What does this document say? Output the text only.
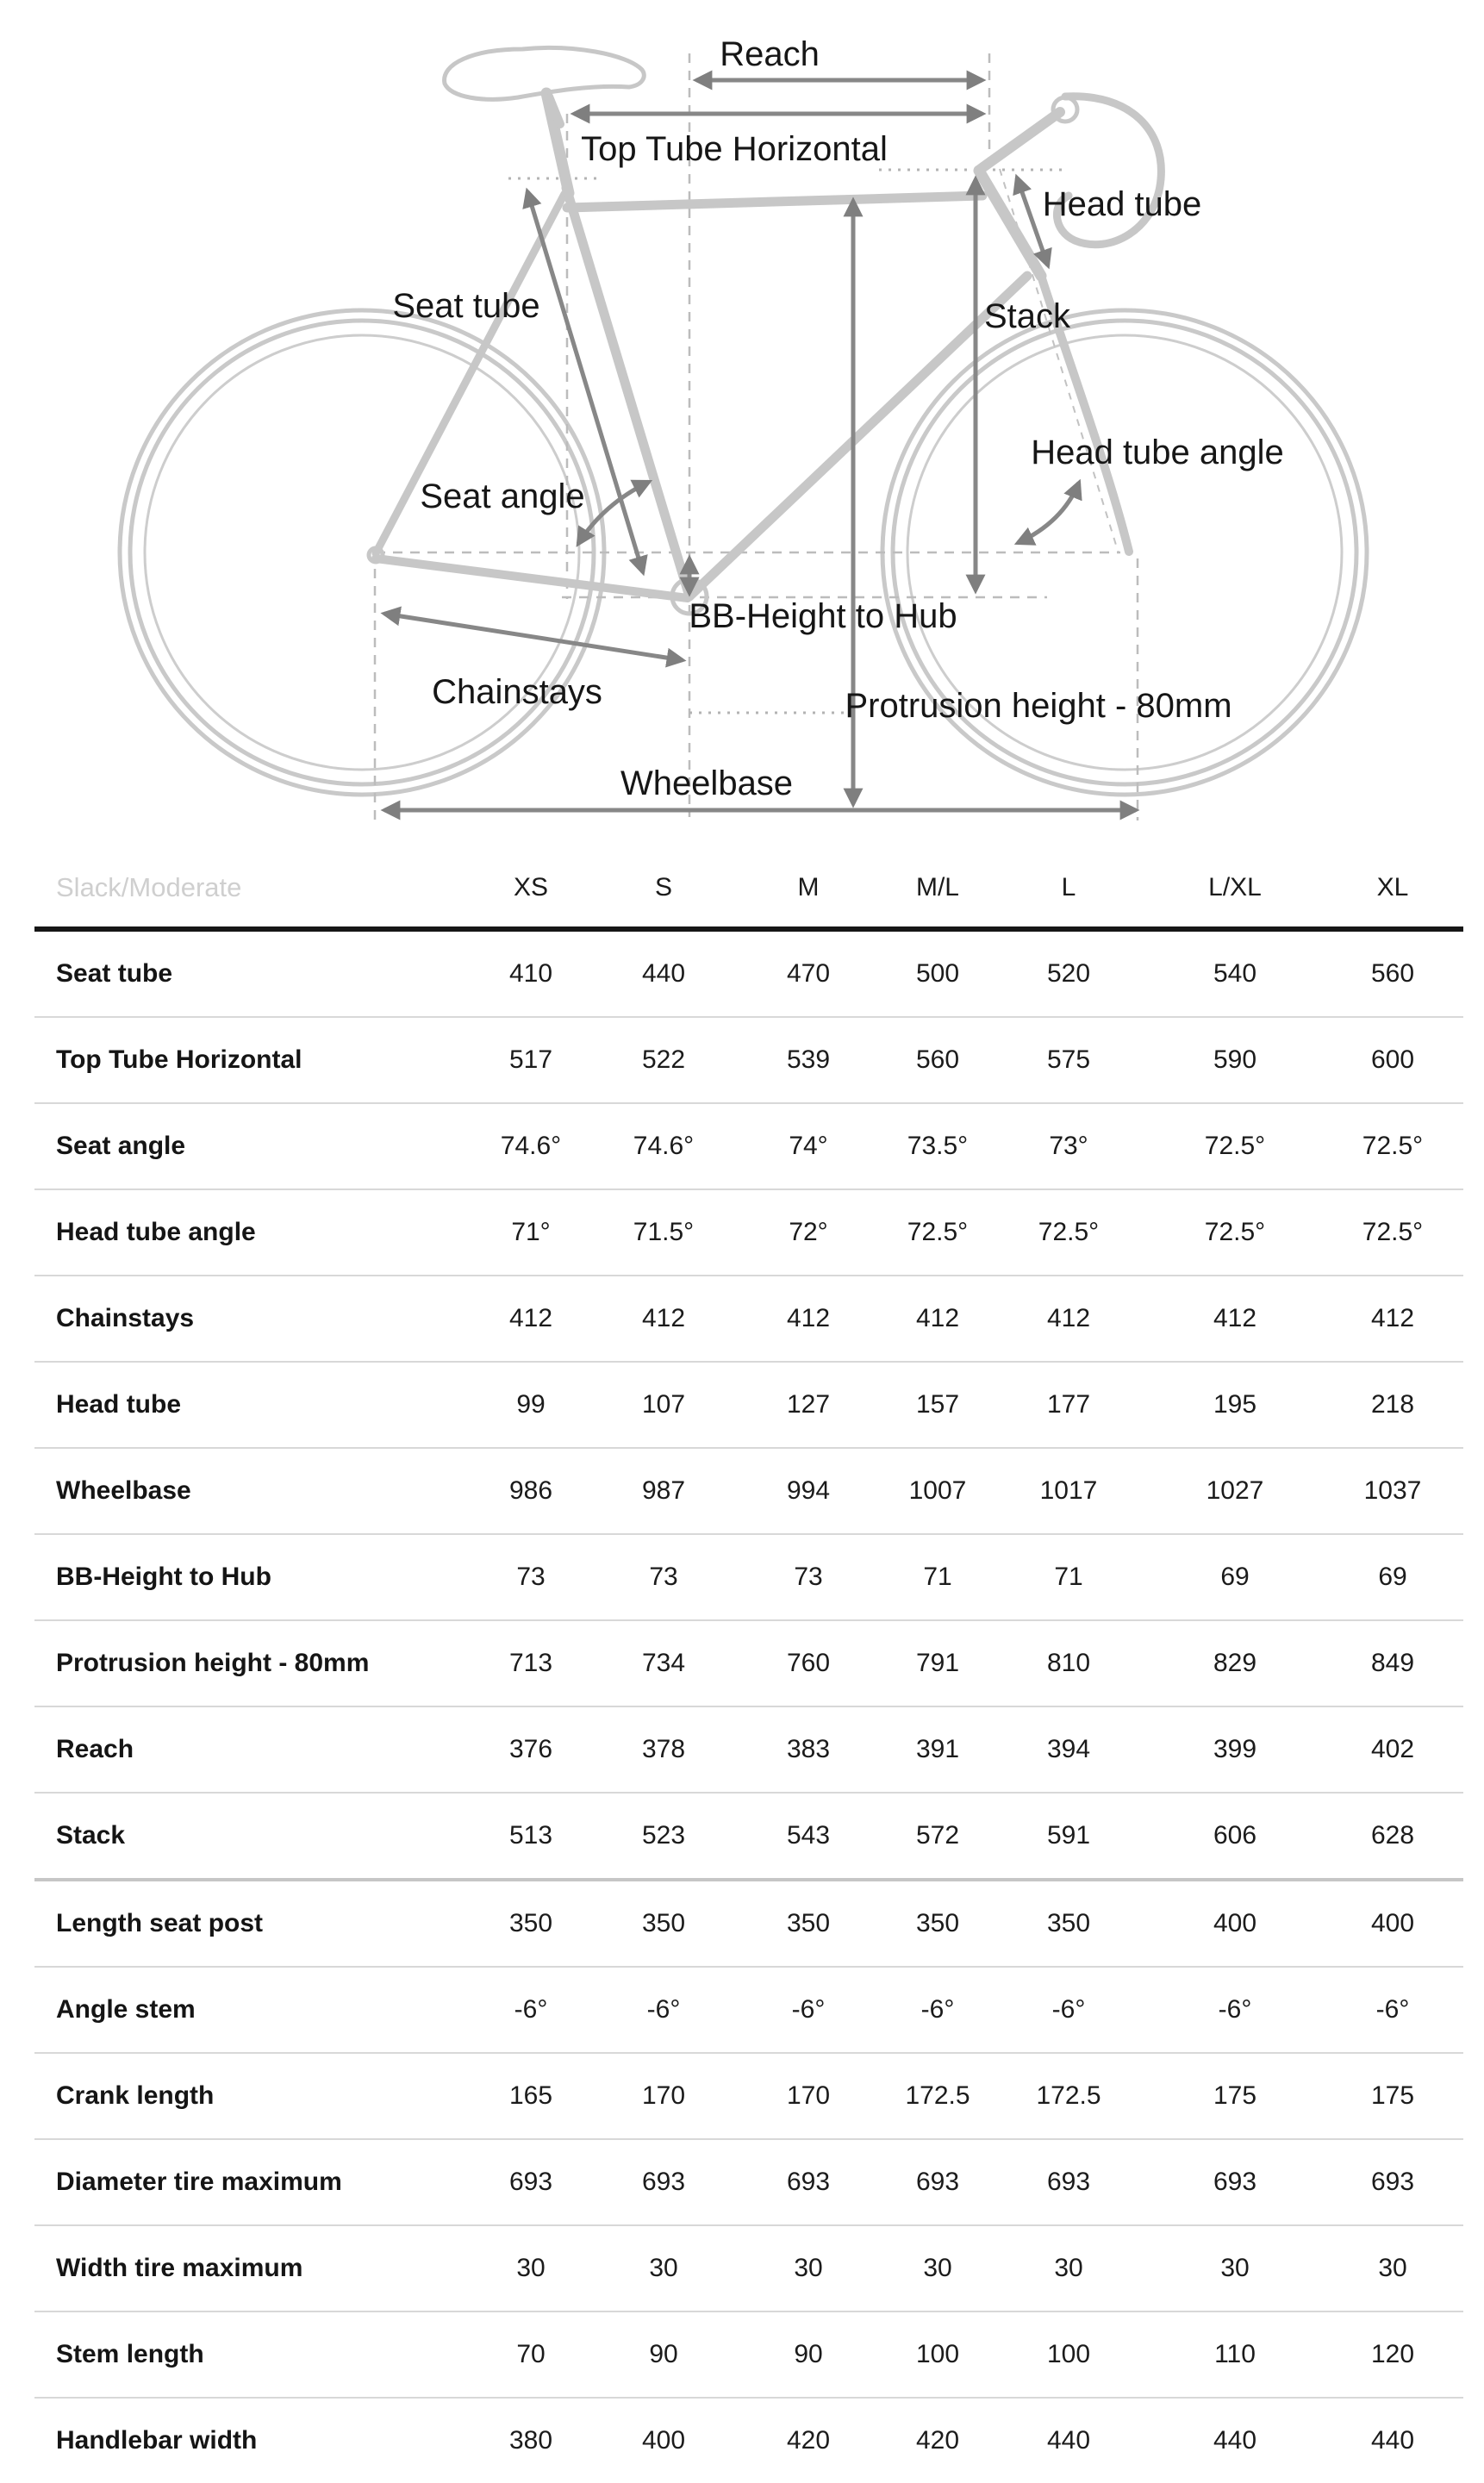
Reach
Top Tube Horizontal
Head tube
Seat tube	Stack
Head tube angle
Seat angle
BB-Height to Hub
Chainstays	Protrusion height - 80mm
Wheelbase
Slack/Moderate	XS	S	M	M/L	L	L/XL	XL
Seat tube	410	440	470	500	520	540	560
Top Tube Horizontal	517	522	539	560	575	590	600
Seat angle	74.6°	74.6°	74°	73.5°	73°	72.5°	72.5°
Head tube angle	71°	71.5°	72°	72.5°	72.5°	72.5°	72.5°
Chainstays	412	412	412	412	412	412	412
Head tube	99	107	127	157	177	195	218
Wheelbase	986	987	994	1007	1017	1027	1037
BB-Height to Hub	73	73	73	71	71	69	69
Protrusion height - 80mm	713	734	760	791	810	829	849
Reach	376	378	383	391	394	399	402
Stack	513	523	543	572	591	606	628
Length seat post	350	350	350	350	350	400	400
Angle stem	-6°	-6°	-6°	-6°	-6°	-6°	-6°
Crank length	165	170	170	172.5	172.5	175	175
Diameter tire maximum	693	693	693	693	693	693	693
Width tire maximum	30	30	30	30	30	30	30
Stem length	70	90	90	100	100	110	120
Handlebar width	380	400	420	420	440	440	440
